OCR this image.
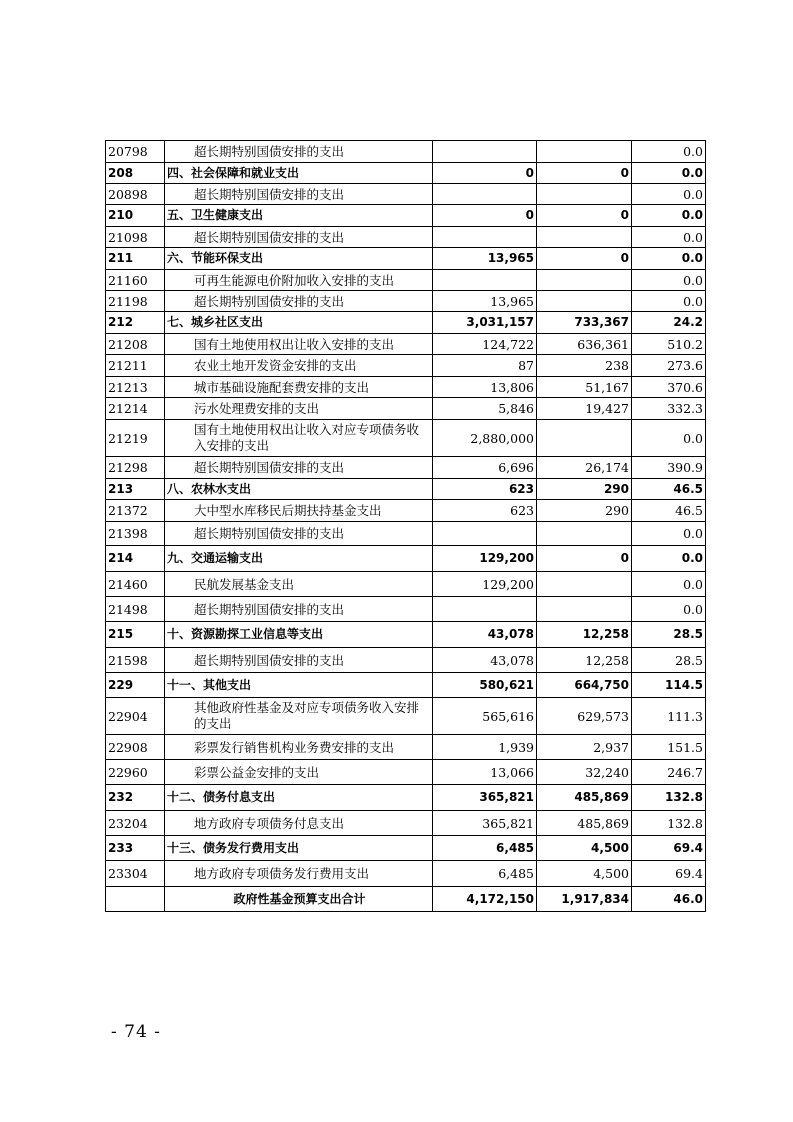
20798	超长期特别国债安排的支出			0.0
208	四、社会保障和就业支出	0	0	0.0
20898	超长期特别国债安排的支出			0.0
210	五、卫生健康支出	0	0	0.0
21098	超长期特别国债安排的支出			0.0
211	六、节能环保支出	13,965	0	0.0
21160	可再生能源电价附加收入安排的支出			0.0
21198	超长期特别国债安排的支出	13,965		0.0
212	七、城乡社区支出	3,031,157	733,367	24.2
21208	国有土地使用权出让收入安排的支出	124,722	636,361	510.2
21211	农业土地开发资金安排的支出	87	238	273.6
21213	城市基础设施配套费安排的支出	13,806	51,167	370.6
21214	污水处理费安排的支出	5,846	19,427	332.3
21219	国有土地使用权出让收入对应专项债务收入安排的支出	2,880,000		0.0
21298	超长期特别国债安排的支出	6,696	26,174	390.9
213	八、农林水支出	623	290	46.5
21372	大中型水库移民后期扶持基金支出	623	290	46.5
21398	超长期特别国债安排的支出			0.0
214	九、交通运输支出	129,200	0	0.0
21460	民航发展基金支出	129,200		0.0
21498	超长期特别国债安排的支出			0.0
215	十、资源勘探工业信息等支出	43,078	12,258	28.5
21598	超长期特别国债安排的支出	43,078	12,258	28.5
229	十一、其他支出	580,621	664,750	114.5
22904	其他政府性基金及对应专项债务收入安排的支出	565,616	629,573	111.3
22908	彩票发行销售机构业务费安排的支出	1,939	2,937	151.5
22960	彩票公益金安排的支出	13,066	32,240	246.7
232	十二、债务付息支出	365,821	485,869	132.8
23204	地方政府专项债务付息支出	365,821	485,869	132.8
233	十三、债务发行费用支出	6,485	4,500	69.4
23304	地方政府专项债务发行费用支出	6,485	4,500	69.4
	政府性基金预算支出合计	4,172,150	1,917,834	46.0
- 74 -
